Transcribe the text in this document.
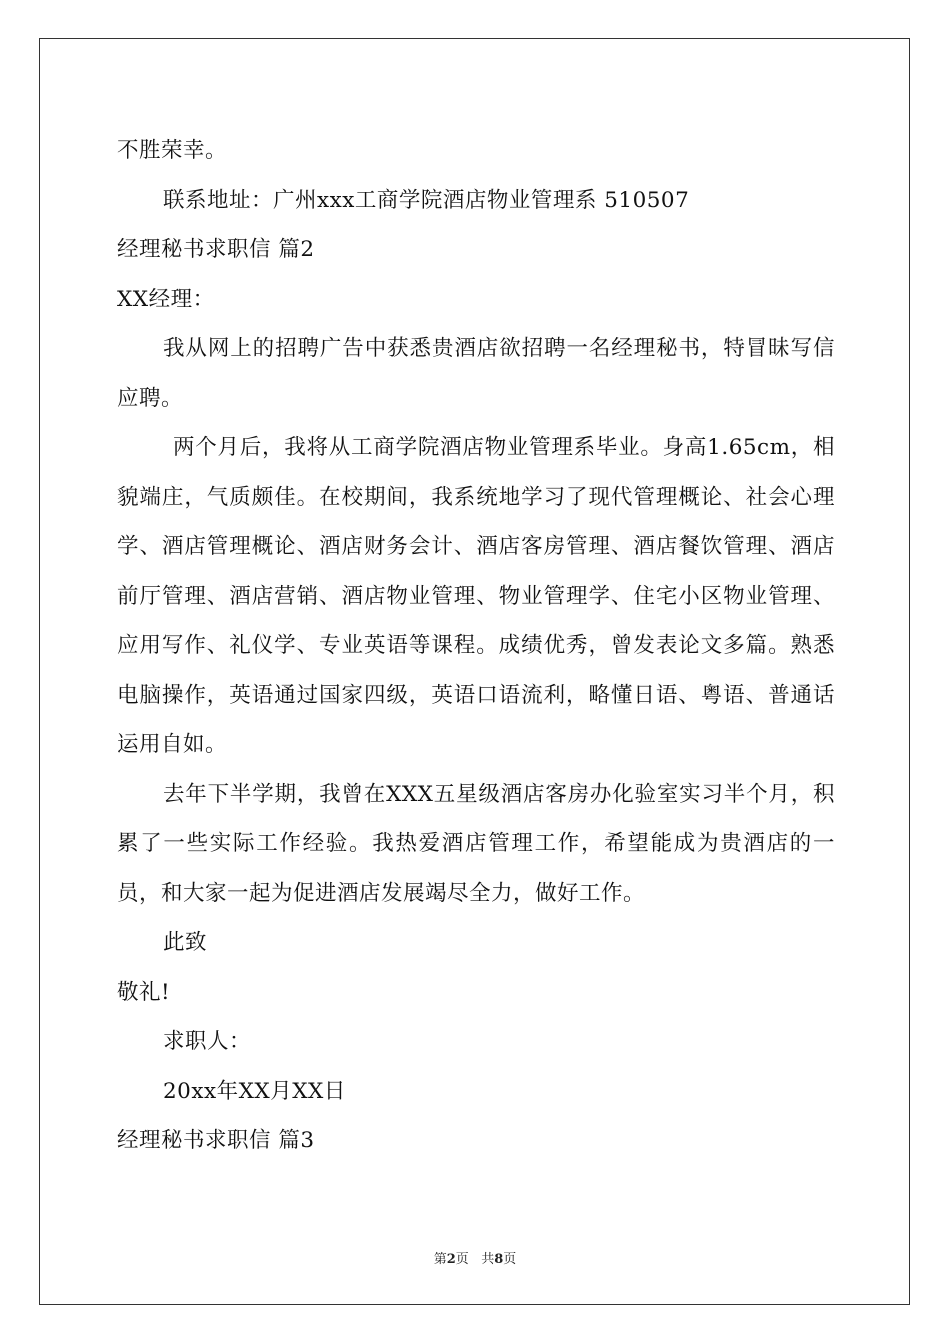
不胜荣幸。
联系地址：广州xxx工商学院酒店物业管理系 510507
经理秘书求职信 篇2
XX经理：
我从网上的招聘广告中获悉贵酒店欲招聘一名经理秘书，特冒昧写信应聘。
两个月后，我将从工商学院酒店物业管理系毕业。身高1.65cm，相貌端庄，气质颇佳。在校期间，我系统地学习了现代管理概论、社会心理学、酒店管理概论、酒店财务会计、酒店客房管理、酒店餐饮管理、酒店前厅管理、酒店营销、酒店物业管理、物业管理学、住宅小区物业管理、应用写作、礼仪学、专业英语等课程。成绩优秀，曾发表论文多篇。熟悉电脑操作，英语通过国家四级，英语口语流利，略懂日语、粤语、普通话运用自如。
去年下半学期，我曾在XXX五星级酒店客房办化验室实习半个月，积累了一些实际工作经验。我热爱酒店管理工作，希望能成为贵酒店的一员，和大家一起为促进酒店发展竭尽全力，做好工作。
此致
敬礼!
求职人：
20xx年XX月XX日
经理秘书求职信 篇3
第2页   共8页
